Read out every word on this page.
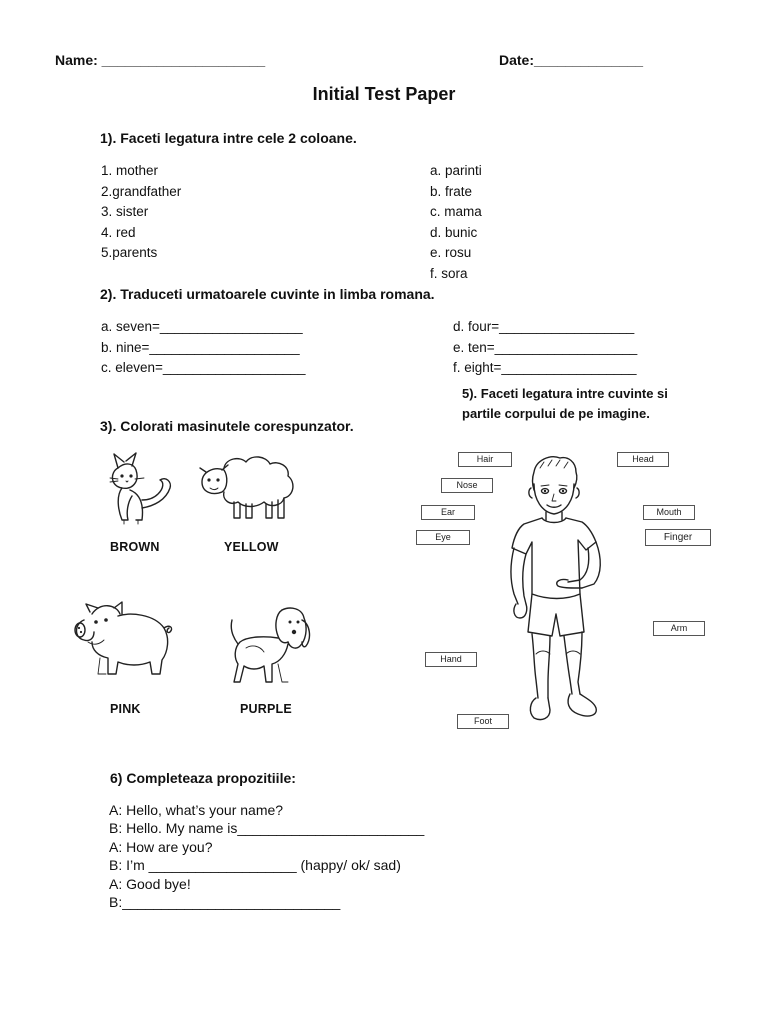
Name: _____________________	Date:______________
Initial Test Paper
1). Faceti legatura intre cele 2 coloane.
1. mother
2.grandfather
3. sister
4. red
5.parents
a. parinti
b. frate
c. mama
d. bunic
e. rosu
f. sora
2). Traduceti urmatoarele cuvinte in limba romana.
a. seven=___________________
b. nine=____________________
c. eleven=___________________
d. four=__________________
e. ten=___________________
f. eight=__________________
5). Faceti legatura intre cuvinte si
partile corpului de pe imagine.
3). Colorati masinutele corespunzator.
BROWN	YELLOW
PINK	PURPLE
Hair	Head
Nose
Ear	Mouth
Eye	Finger
Arm
Hand
Foot
6) Completeaza propozitiile:
A: Hello, what’s your name?
B: Hello. My name is________________________
A: How are you?
B: I’m ___________________ (happy/ ok/ sad)
A: Good bye!
B:____________________________
